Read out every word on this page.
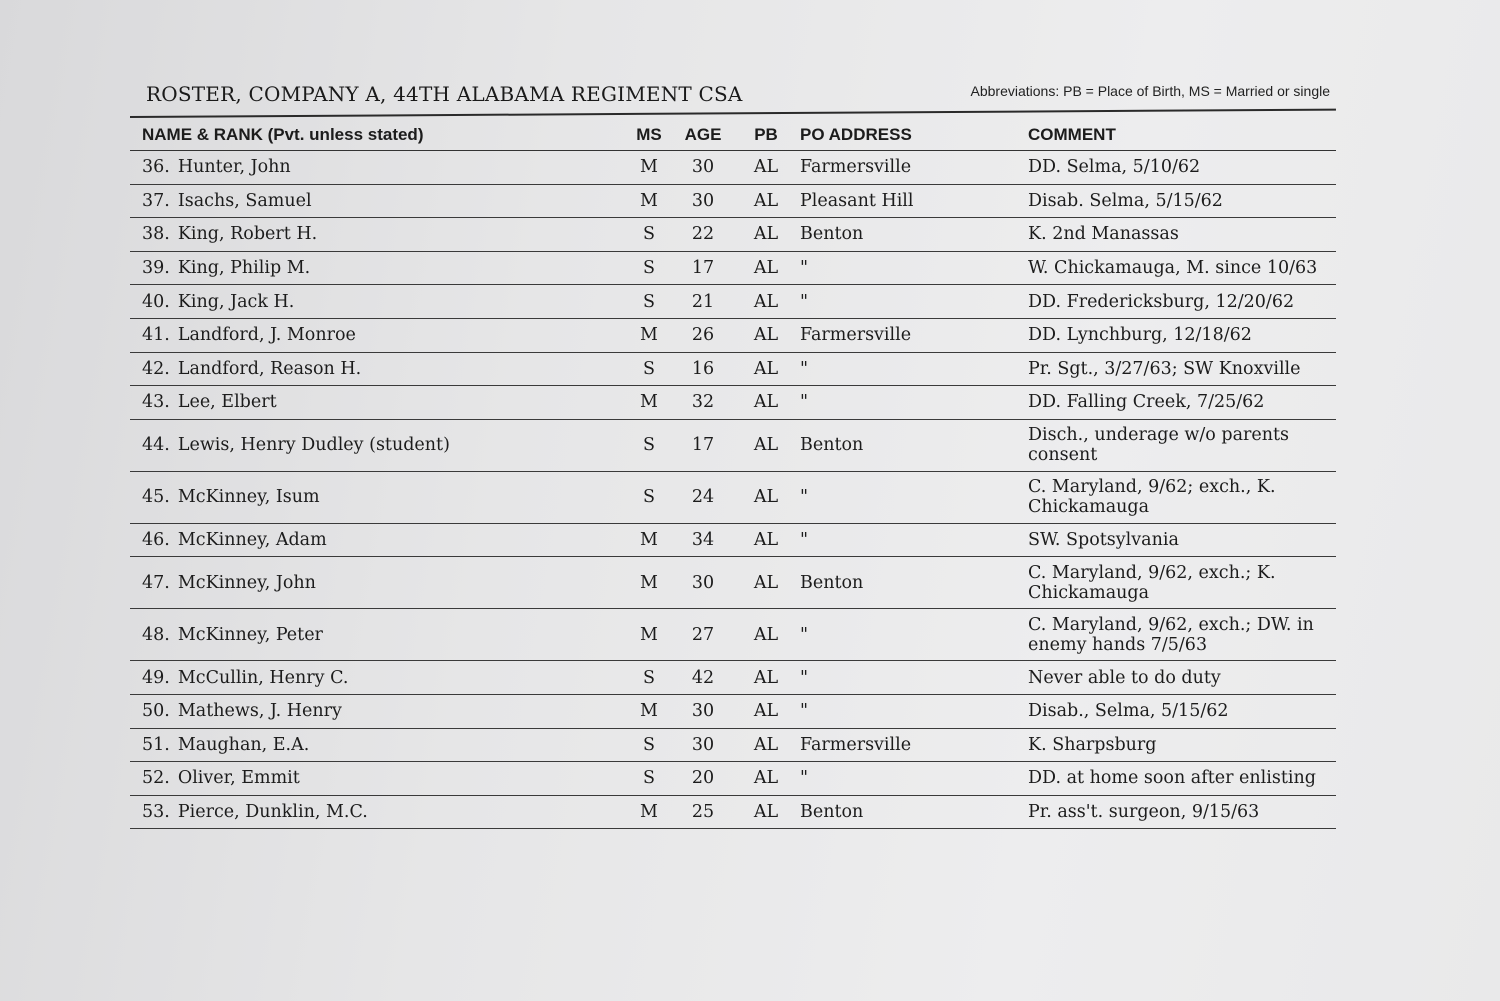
ROSTER, COMPANY A, 44TH ALABAMA REGIMENT CSA	Abbreviations: PB = Place of Birth, MS = Married or single
NAME & RANK (Pvt. unless stated)	MS	AGE	PB	PO ADDRESS	COMMENT
36. Hunter, John	M	30	AL	Farmersville	DD. Selma, 5/10/62
37. Isachs, Samuel	M	30	AL	Pleasant Hill	Disab. Selma, 5/15/62
38. King, Robert H.	S	22	AL	Benton	K. 2nd Manassas
39. King, Philip M.	S	17	AL	"	W. Chickamauga, M. since 10/63
40. King, Jack H.	S	21	AL	"	DD. Fredericksburg, 12/20/62
41. Landford, J. Monroe	M	26	AL	Farmersville	DD. Lynchburg, 12/18/62
42. Landford, Reason H.	S	16	AL	"	Pr. Sgt., 3/27/63; SW Knoxville
43. Lee, Elbert	M	32	AL	"	DD. Falling Creek, 7/25/62
44. Lewis, Henry Dudley (student)	S	17	AL	Benton	Disch., underage w/o parents consent
45. McKinney, Isum	S	24	AL	"	C. Maryland, 9/62; exch., K. Chickamauga
46. McKinney, Adam	M	34	AL	"	SW. Spotsylvania
47. McKinney, John	M	30	AL	Benton	C. Maryland, 9/62, exch.; K. Chickamauga
48. McKinney, Peter	M	27	AL	"	C. Maryland, 9/62, exch.; DW. in enemy hands 7/5/63
49. McCullin, Henry C.	S	42	AL	"	Never able to do duty
50. Mathews, J. Henry	M	30	AL	"	Disab., Selma, 5/15/62
51. Maughan, E.A.	S	30	AL	Farmersville	K. Sharpsburg
52. Oliver, Emmit	S	20	AL	"	DD. at home soon after enlisting
53. Pierce, Dunklin, M.C.	M	25	AL	Benton	Pr. ass't. surgeon, 9/15/63
